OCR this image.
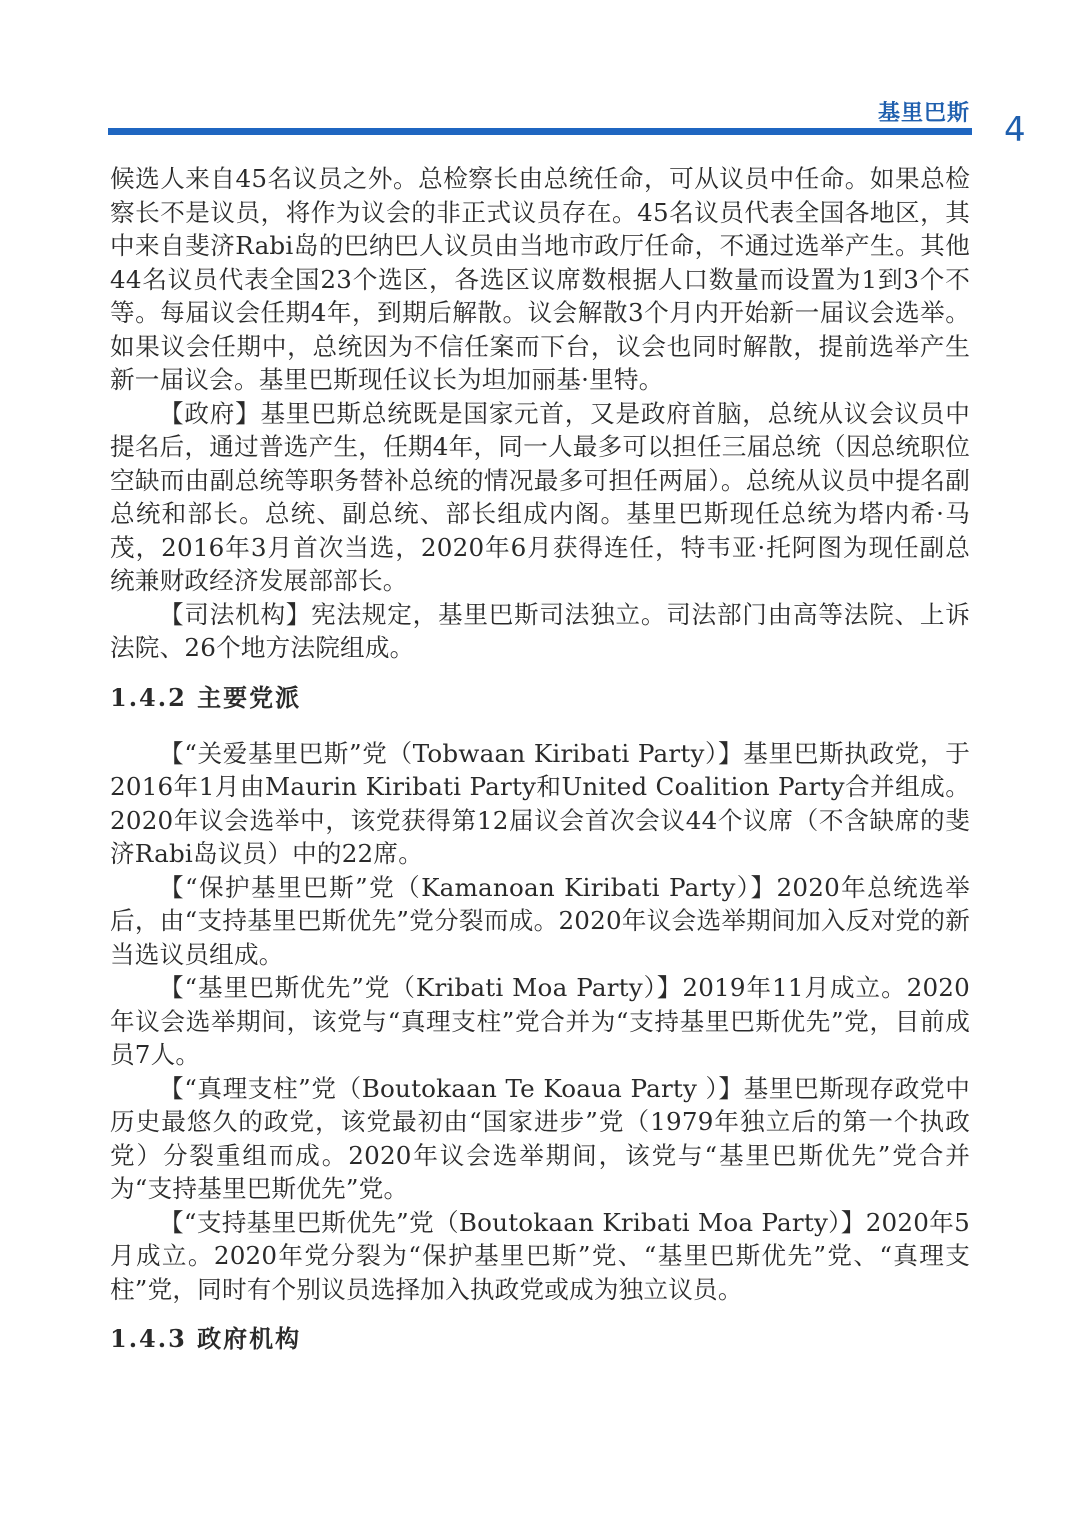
基里巴斯 4

候选人来自45名议员之外。总检察长由总统任命，可从议员中任命。如果总检察长不是议员，将作为议会的非正式议员存在。45名议员代表全国各地区，其中来自斐济Rabi岛的巴纳巴人议员由当地市政厅任命，不通过选举产生。其他44名议员代表全国23个选区，各选区议席数根据人口数量而设置为1到3个不等。每届议会任期4年，到期后解散。议会解散3个月内开始新一届议会选举。如果议会任期中，总统因为不信任案而下台，议会也同时解散，提前选举产生新一届议会。基里巴斯现任议长为坦加丽基·里特。

【政府】基里巴斯总统既是国家元首，又是政府首脑，总统从议会议员中提名后，通过普选产生，任期4年，同一人最多可以担任三届总统（因总统职位空缺而由副总统等职务替补总统的情况最多可担任两届）。总统从议员中提名副总统和部长。总统、副总统、部长组成内阁。基里巴斯现任总统为塔内希·马茂，2016年3月首次当选，2020年6月获得连任，特韦亚·托阿图为现任副总统兼财政经济发展部部长。

【司法机构】宪法规定，基里巴斯司法独立。司法部门由高等法院、上诉法院、26个地方法院组成。

1.4.2 主要党派

【“关爱基里巴斯”党（Tobwaan Kiribati Party）】基里巴斯执政党，于2016年1月由Maurin Kiribati Party和United Coalition Party合并组成。2020年议会选举中，该党获得第12届议会首次会议44个议席（不含缺席的斐济Rabi岛议员）中的22席。

【“保护基里巴斯”党（Kamanoan Kiribati Party）】2020年总统选举后，由“支持基里巴斯优先”党分裂而成。2020年议会选举期间加入反对党的新当选议员组成。

【“基里巴斯优先”党（Kribati Moa Party）】2019年11月成立。2020年议会选举期间，该党与“真理支柱”党合并为“支持基里巴斯优先”党，目前成员7人。

【“真理支柱”党（Boutokaan Te Koaua Party ）】基里巴斯现存政党中历史最悠久的政党，该党最初由“国家进步”党（1979年独立后的第一个执政党）分裂重组而成。2020年议会选举期间，该党与“基里巴斯优先”党合并为“支持基里巴斯优先”党。

【“支持基里巴斯优先”党（Boutokaan Kribati Moa Party）】2020年5月成立。2020年党分裂为“保护基里巴斯”党、“基里巴斯优先”党、“真理支柱”党，同时有个别议员选择加入执政党或成为独立议员。

1.4.3 政府机构
